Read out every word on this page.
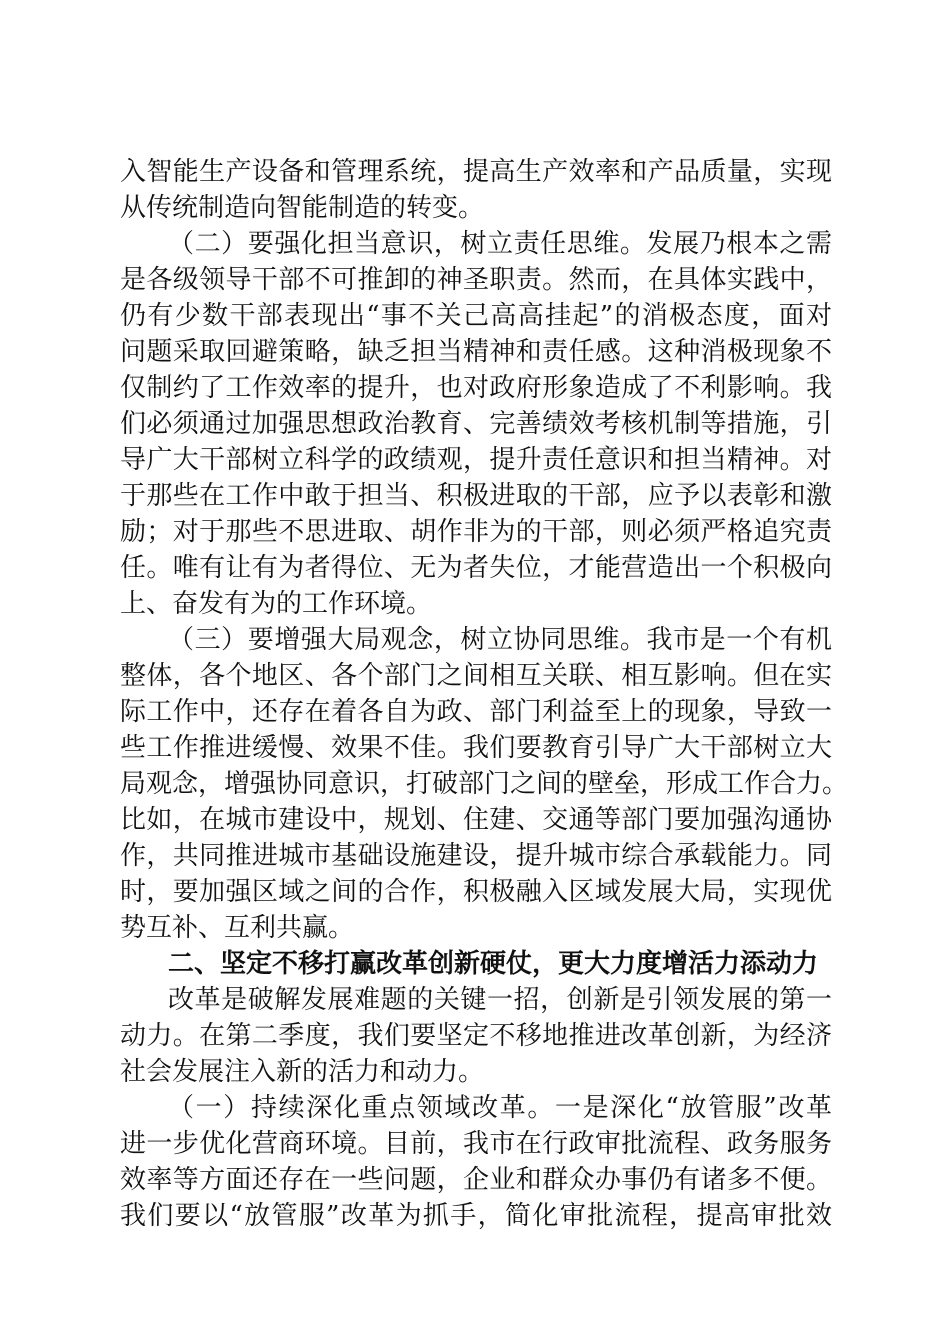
入智能生产设备和管理系统，提高生产效率和产品质量，实现
从传统制造向智能制造的转变。
（二）要强化担当意识，树立责任思维。发展乃根本之需
是各级领导干部不可推卸的神圣职责。然而，在具体实践中，
仍有少数干部表现出“事不关己高高挂起”的消极态度，面对
问题采取回避策略，缺乏担当精神和责任感。这种消极现象不
仅制约了工作效率的提升，也对政府形象造成了不利影响。我
们必须通过加强思想政治教育、完善绩效考核机制等措施，引
导广大干部树立科学的政绩观，提升责任意识和担当精神。对
于那些在工作中敢于担当、积极进取的干部，应予以表彰和激
励；对于那些不思进取、胡作非为的干部，则必须严格追究责
任。唯有让有为者得位、无为者失位，才能营造出一个积极向
上、奋发有为的工作环境。
（三）要增强大局观念，树立协同思维。我市是一个有机
整体，各个地区、各个部门之间相互关联、相互影响。但在实
际工作中，还存在着各自为政、部门利益至上的现象，导致一
些工作推进缓慢、效果不佳。我们要教育引导广大干部树立大
局观念，增强协同意识，打破部门之间的壁垒，形成工作合力。
比如，在城市建设中，规划、住建、交通等部门要加强沟通协
作，共同推进城市基础设施建设，提升城市综合承载能力。同
时，要加强区域之间的合作，积极融入区域发展大局，实现优
势互补、互利共赢。
二、坚定不移打赢改革创新硬仗，更大力度增活力添动力
改革是破解发展难题的关键一招，创新是引领发展的第一
动力。在第二季度，我们要坚定不移地推进改革创新，为经济
社会发展注入新的活力和动力。
（一）持续深化重点领域改革。一是深化“放管服”改革
进一步优化营商环境。目前，我市在行政审批流程、政务服务
效率等方面还存在一些问题，企业和群众办事仍有诸多不便。
我们要以“放管服”改革为抓手，简化审批流程，提高审批效
